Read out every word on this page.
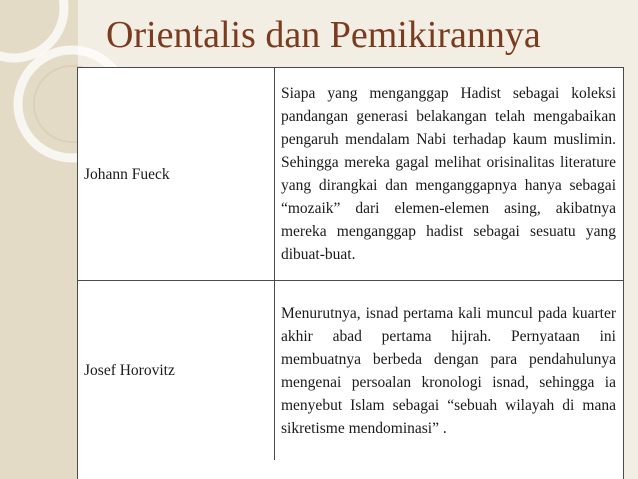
Orientalis dan Pemikirannya
Johann Fueck	Siapa yang menganggap Hadist sebagai koleksi pandangan generasi belakangan telah mengabaikan pengaruh mendalam Nabi terhadap kaum muslimin. Sehingga mereka gagal melihat orisinalitas literature yang dirangkai dan menganggapnya hanya sebagai “mozaik” dari elemen-elemen asing, akibatnya mereka menganggap hadist sebagai sesuatu yang dibuat-buat.
Josef Horovitz	Menurutnya, isnad pertama kali muncul pada kuarter akhir abad pertama hijrah. Pernyataan ini membuatnya berbeda dengan para pendahulunya mengenai persoalan kronologi isnad, sehingga ia menyebut Islam sebagai “sebuah wilayah di mana sikretisme mendominasi” .
